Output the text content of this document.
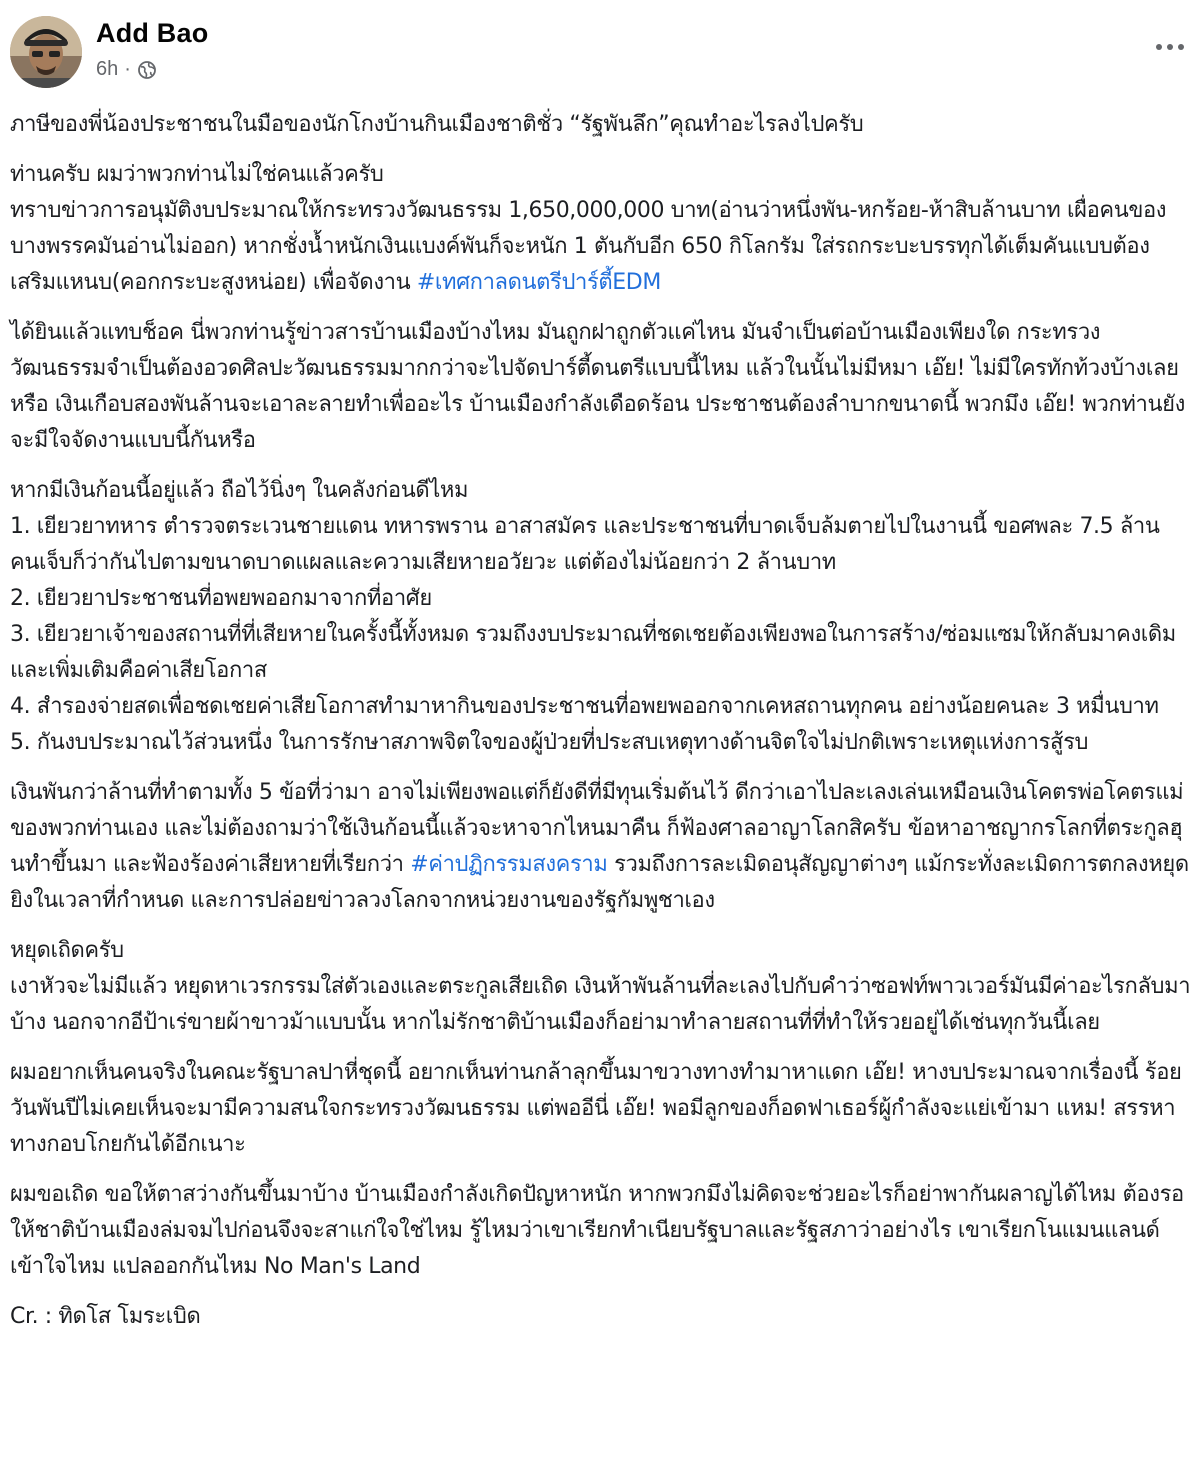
Add Bao
6h ·

ภาษีของพี่น้องประชาชนในมือของนักโกงบ้านกินเมืองชาติชั่ว “รัฐพันลึก”คุณทำอะไรลงไปครับ

ท่านครับ ผมว่าพวกท่านไม่ใช่คนแล้วครับ

ทราบข่าวการอนุมัติงบประมาณให้กระทรวงวัฒนธรรม 1,650,000,000 บาท(อ่านว่าหนึ่งพัน-หกร้อย-ห้าสิบล้านบาท เผื่อคนของบางพรรคมันอ่านไม่ออก) หากชั่งน้ำหนักเงินแบงค์พันก็จะหนัก 1 ตันกับอีก 650 กิโลกรัม ใส่รถกระบะบรรทุกได้เต็มคันแบบต้องเสริมแหนบ(คอกกระบะสูงหน่อย) เพื่อจัดงาน #เทศกาลดนตรีปาร์ตี้EDM

ได้ยินแล้วแทบช็อค นี่พวกท่านรู้ข่าวสารบ้านเมืองบ้างไหม มันถูกฝาถูกตัวแค่ไหน มันจำเป็นต่อบ้านเมืองเพียงใด กระทรวงวัฒนธรรมจำเป็นต้องอวดศิลปะวัฒนธรรมมากกว่าจะไปจัดปาร์ตี้ดนตรีแบบนี้ไหม แล้วในนั้นไม่มีหมา เอ๊ย! ไม่มีใครทักท้วงบ้างเลยหรือ เงินเกือบสองพันล้านจะเอาละลายทำเพื่ออะไร บ้านเมืองกำลังเดือดร้อน ประชาชนต้องลำบากขนาดนี้ พวกมึง เอ๊ย! พวกท่านยังจะมีใจจัดงานแบบนี้กันหรือ

หากมีเงินก้อนนี้อยู่แล้ว ถือไว้นิ่งๆ ในคลังก่อนดีไหม

1. เยียวยาทหาร ตำรวจตระเวนชายแดน ทหารพราน อาสาสมัคร และประชาชนที่บาดเจ็บล้มตายไปในงานนี้ ขอศพละ 7.5 ล้าน คนเจ็บก็ว่ากันไปตามขนาดบาดแผลและความเสียหายอวัยวะ แต่ต้องไม่น้อยกว่า 2 ล้านบาท

2. เยียวยาประชาชนที่อพยพออกมาจากที่อาศัย

3. เยียวยาเจ้าของสถานที่ที่เสียหายในครั้งนี้ทั้งหมด รวมถึงงบประมาณที่ชดเชยต้องเพียงพอในการสร้าง/ซ่อมแซมให้กลับมาคงเดิมและเพิ่มเติมคือค่าเสียโอกาส

4. สำรองจ่ายสดเพื่อชดเชยค่าเสียโอกาสทำมาหากินของประชาชนที่อพยพออกจากเคหสถานทุกคน อย่างน้อยคนละ 3 หมื่นบาท

5. กันงบประมาณไว้ส่วนหนึ่ง ในการรักษาสภาพจิตใจของผู้ป่วยที่ประสบเหตุทางด้านจิตใจไม่ปกติเพราะเหตุแห่งการสู้รบ

เงินพันกว่าล้านที่ทำตามทั้ง 5 ข้อที่ว่ามา อาจไม่เพียงพอแต่ก็ยังดีที่มีทุนเริ่มต้นไว้ ดีกว่าเอาไปละเลงเล่นเหมือนเงินโคตรพ่อโคตรแม่ของพวกท่านเอง และไม่ต้องถามว่าใช้เงินก้อนนี้แล้วจะหาจากไหนมาคืน ก็ฟ้องศาลอาญาโลกสิครับ ข้อหาอาชญากรโลกที่ตระกูลฮุนทำขึ้นมา และฟ้องร้องค่าเสียหายที่เรียกว่า #ค่าปฏิกรรมสงคราม รวมถึงการละเมิดอนุสัญญาต่างๆ แม้กระทั่งละเมิดการตกลงหยุดยิงในเวลาที่กำหนด และการปล่อยข่าวลวงโลกจากหน่วยงานของรัฐกัมพูชาเอง

หยุดเถิดครับ

เงาหัวจะไม่มีแล้ว หยุดหาเวรกรรมใส่ตัวเองและตระกูลเสียเถิด เงินห้าพันล้านที่ละเลงไปกับคำว่าซอฟท์พาวเวอร์มันมีค่าอะไรกลับมาบ้าง นอกจากอีป้าเร่ขายผ้าขาวม้าแบบนั้น หากไม่รักชาติบ้านเมืองก็อย่ามาทำลายสถานที่ที่ทำให้รวยอยู่ได้เช่นทุกวันนี้เลย

ผมอยากเห็นคนจริงในคณะรัฐบาลปาหี่ชุดนี้ อยากเห็นท่านกล้าลุกขึ้นมาขวางทางทำมาหาแดก เอ๊ย! หางบประมาณจากเรื่องนี้ ร้อยวันพันปีไม่เคยเห็นจะมามีความสนใจกระทรวงวัฒนธรรม แต่พออีนี่ เอ๊ย! พอมีลูกของก็อดฟาเธอร์ผู้กำลังจะแย่เข้ามา แหม! สรรหาทางกอบโกยกันได้อีกเนาะ

ผมขอเถิด ขอให้ตาสว่างกันขึ้นมาบ้าง บ้านเมืองกำลังเกิดปัญหาหนัก หากพวกมึงไม่คิดจะช่วยอะไรก็อย่าพากันผลาญได้ไหม ต้องรอให้ชาติบ้านเมืองล่มจมไปก่อนจึงจะสาแก่ใจใช่ไหม รู้ไหมว่าเขาเรียกทำเนียบรัฐบาลและรัฐสภาว่าอย่างไร เขาเรียกโนแมนแลนด์ เข้าใจไหม แปลออกกันไหม No Man's Land

Cr. : ทิดโส โมระเบิด
